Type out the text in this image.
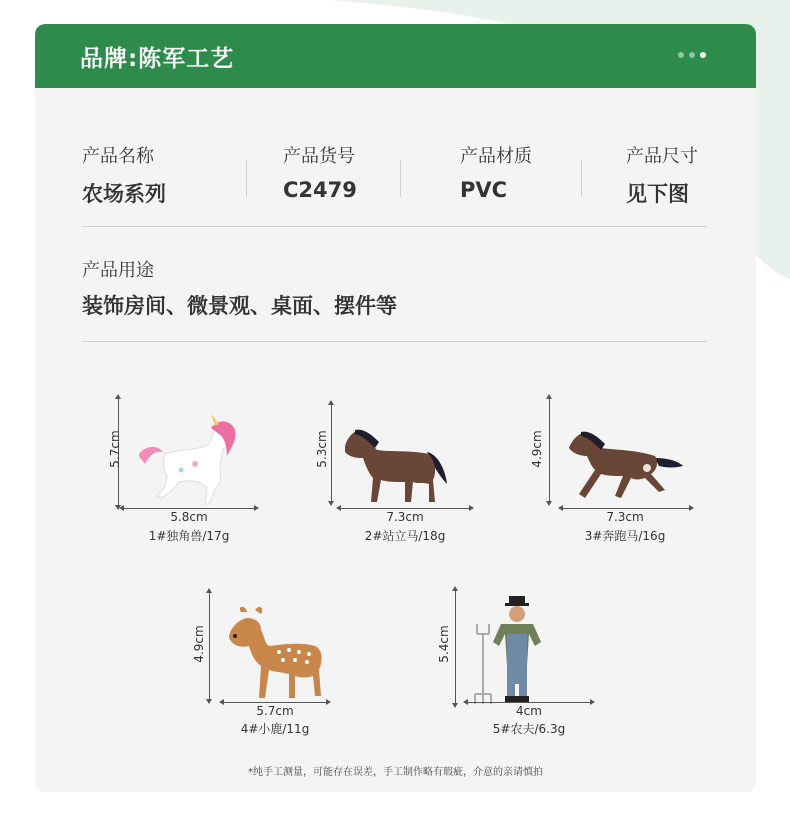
品牌:陈军工艺
产品名称
农场系列
产品货号
C2479
产品材质
PVC
产品尺寸
见下图
产品用途
装饰房间、微景观、桌面、摆件等
5.7cm
5.8cm
1#独角兽/17g
5.3cm
7.3cm
2#站立马/18g
4.9cm
7.3cm
3#奔跑马/16g
4.9cm
5.7cm
4#小鹿/11g
5.4cm
4cm
5#农夫/6.3g
*纯手工测量，可能存在误差，手工制作略有瑕疵，介意的亲请慎拍
